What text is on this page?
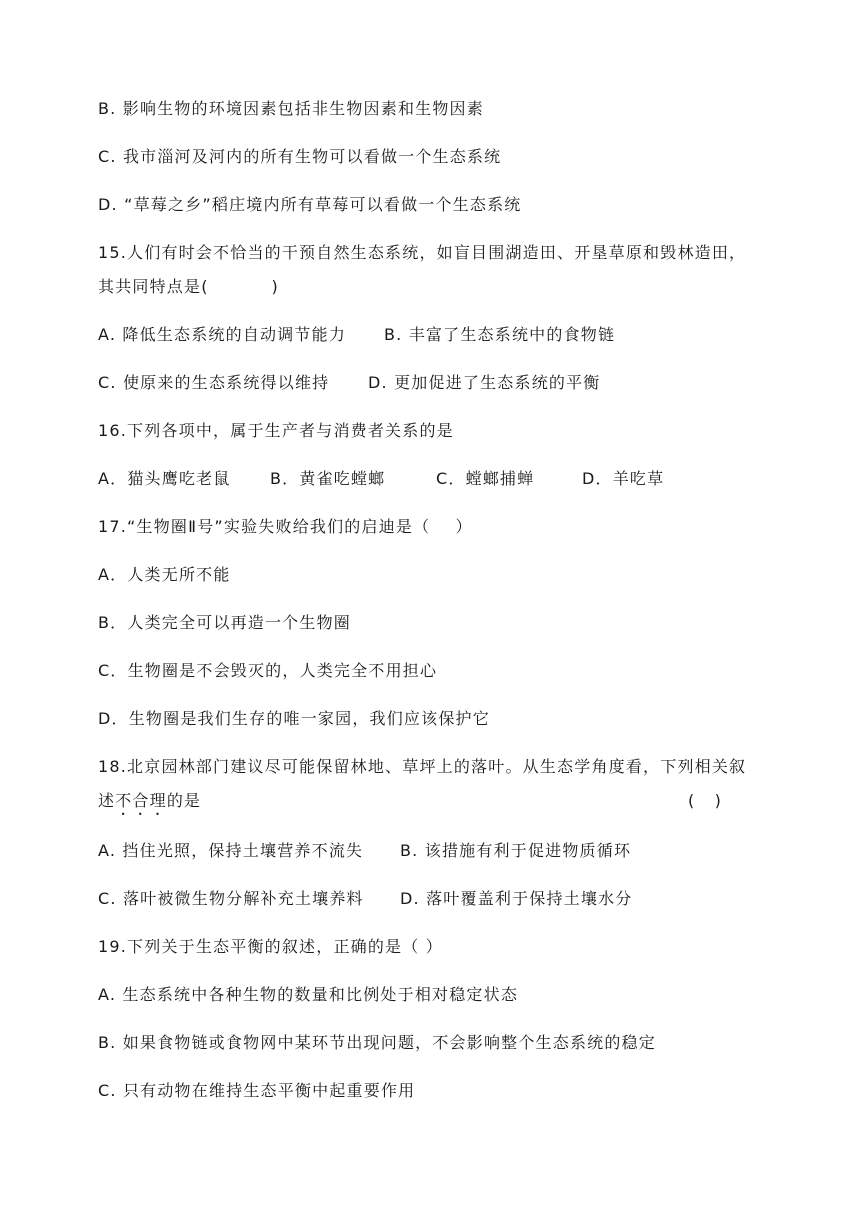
B. 影响生物的环境因素包括非生物因素和生物因素
C. 我市淄河及河内的所有生物可以看做一个生态系统
D. “草莓之乡”稻庄境内所有草莓可以看做一个生态系统
15.人们有时会不恰当的干预自然生态系统，如盲目围湖造田、开垦草原和毁林造田，
其共同特点是(          )
A. 降低生态系统的自动调节能力	B. 丰富了生态系统中的食物链
C. 使原来的生态系统得以维持	D. 更加促进了生态系统的平衡
16.下列各项中，属于生产者与消费者关系的是
A．猫头鹰吃老鼠	B．黄雀吃螳螂	C．螳螂捕蝉	D．羊吃草
17.“生物圈Ⅱ号”实验失败给我们的启迪是（    ）
A．人类无所不能
B．人类完全可以再造一个生物圈
C．生物圈是不会毁灭的，人类完全不用担心
D．生物圈是我们生存的唯一家园，我们应该保护它
18.北京园林部门建议尽可能保留林地、草坪上的落叶。从生态学角度看，下列相关叙
述不合理的是	(    )
A. 挡住光照，保持土壤营养不流失	B. 该措施有利于促进物质循环
C. 落叶被微生物分解补充土壤养料	D. 落叶覆盖利于保持土壤水分
19.下列关于生态平衡的叙述，正确的是（ ）
A. 生态系统中各种生物的数量和比例处于相对稳定状态
B. 如果食物链或食物网中某环节出现问题，不会影响整个生态系统的稳定
C. 只有动物在维持生态平衡中起重要作用
